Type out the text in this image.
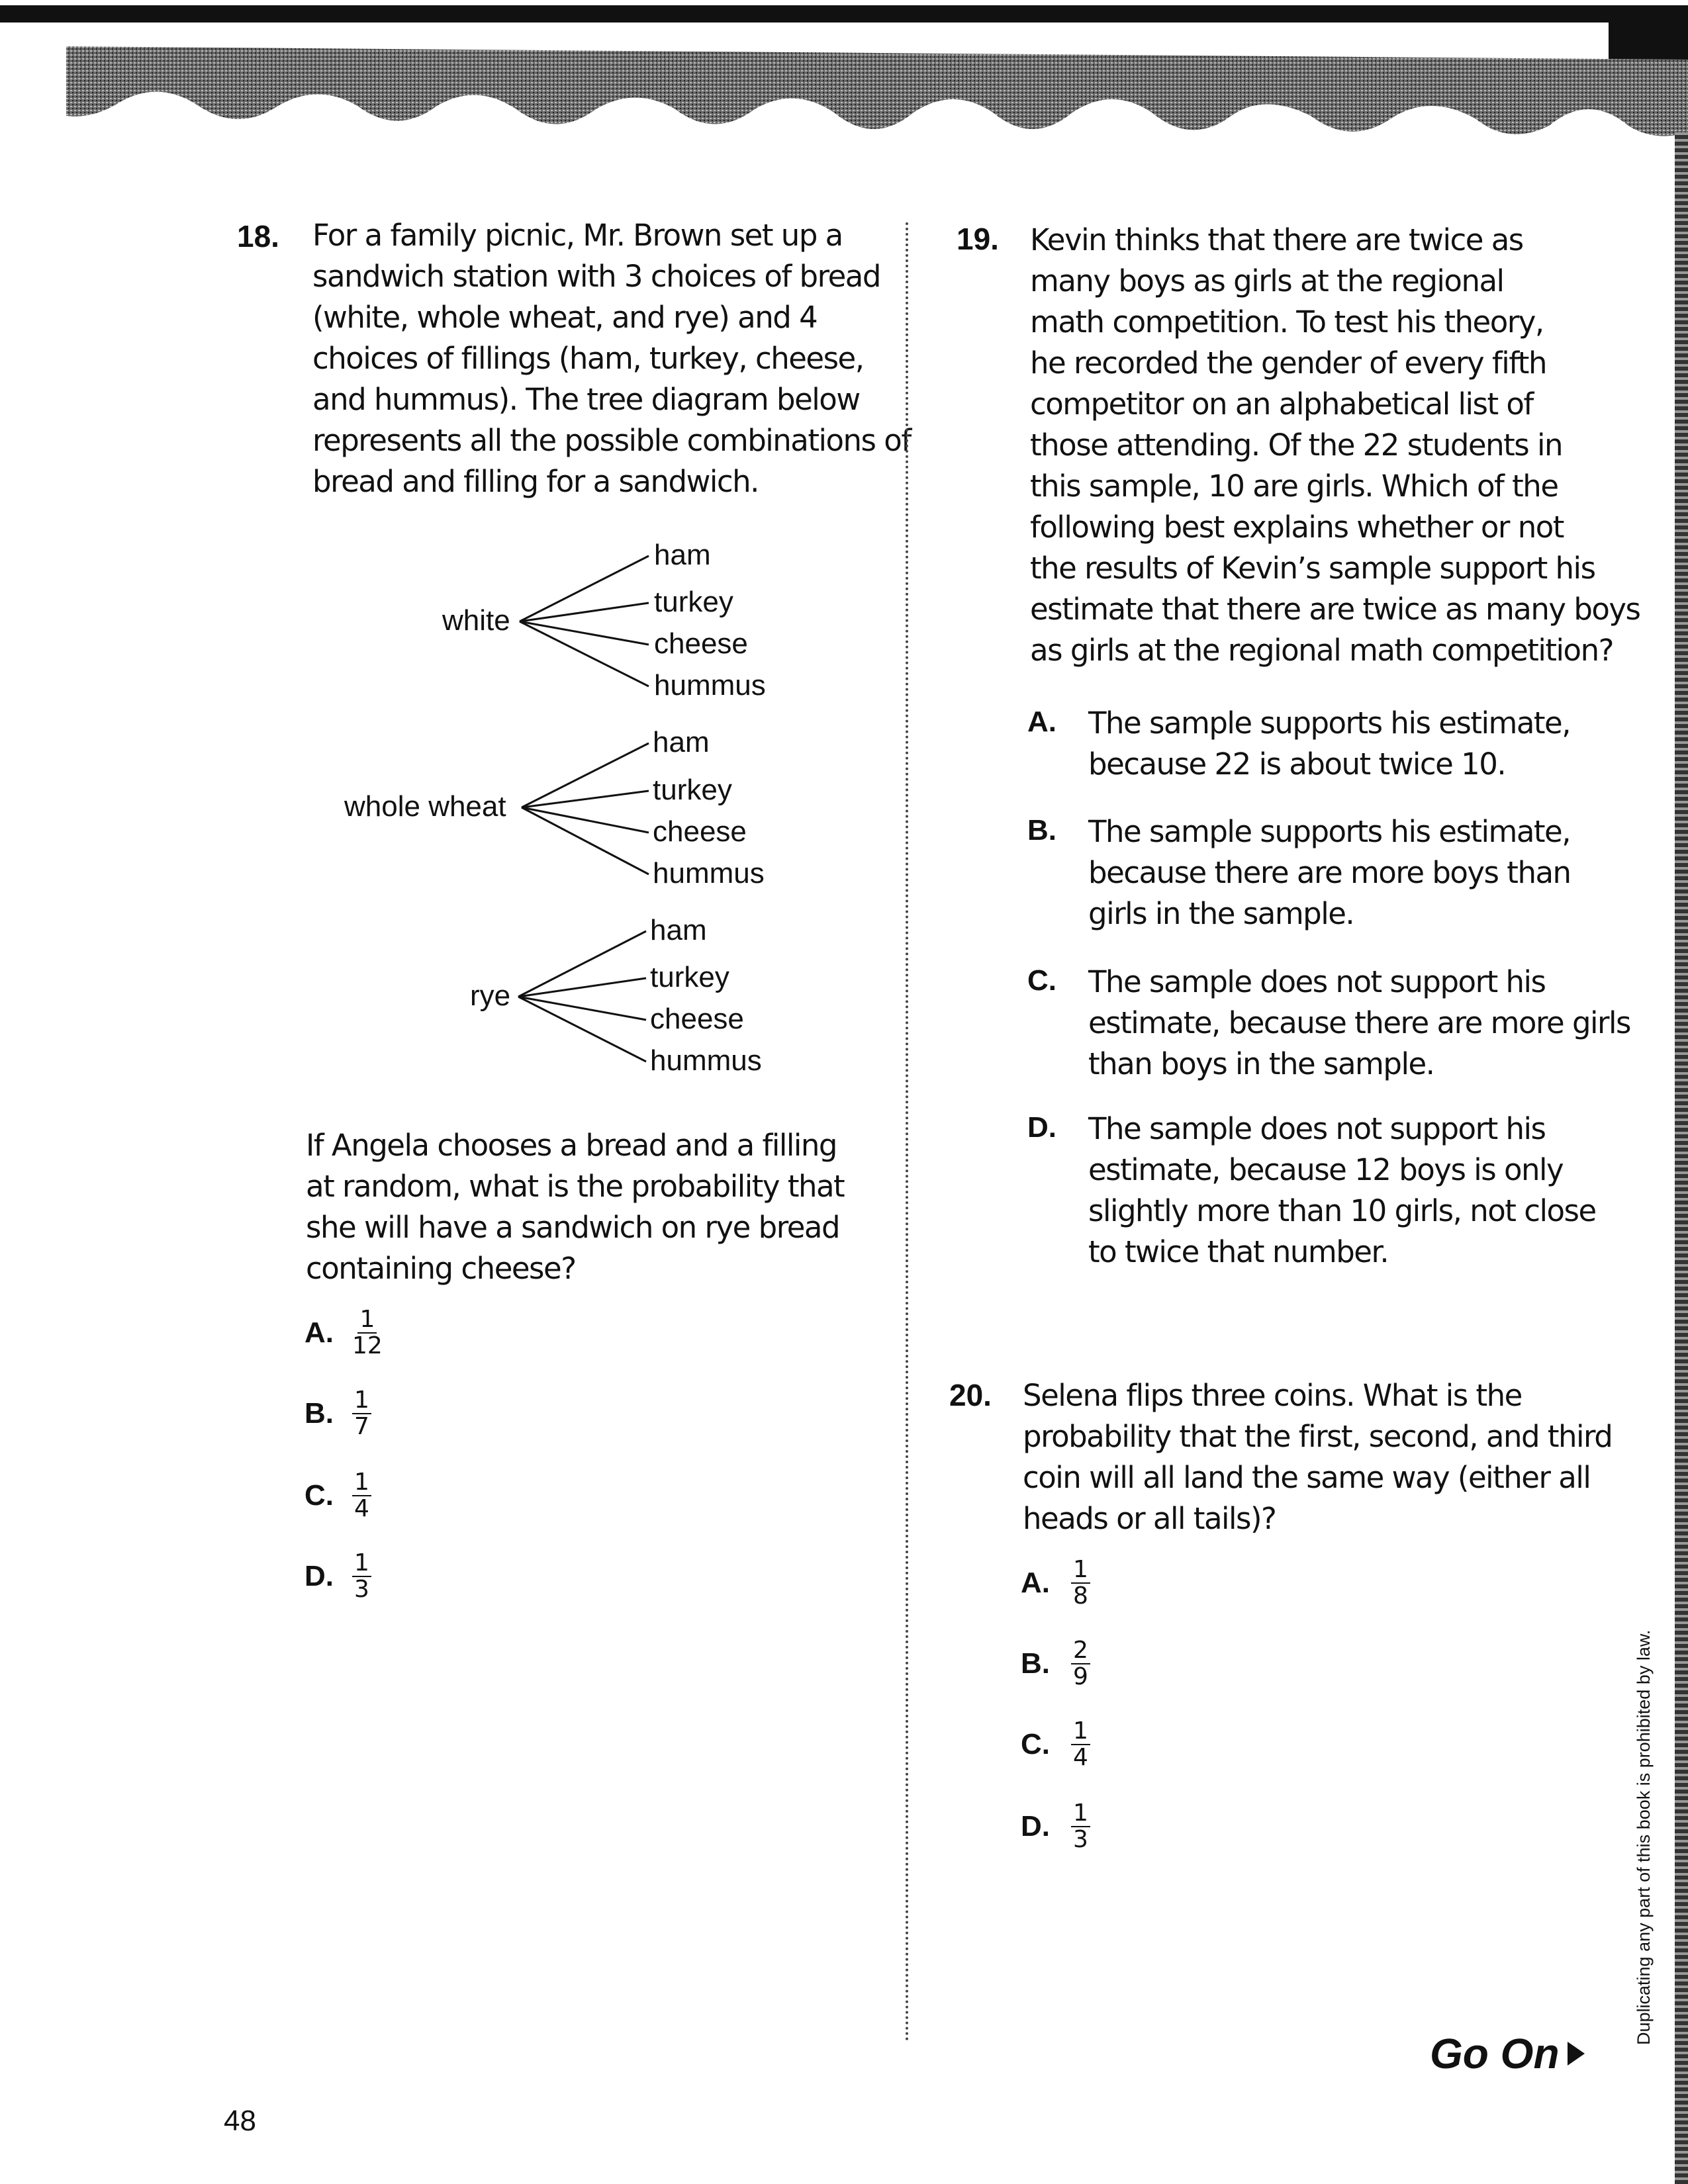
18. For a family picnic, Mr. Brown set up a
sandwich station with 3 choices of bread
(white, whole wheat, and rye) and 4
choices of fillings (ham, turkey, cheese,
and hummus). The tree diagram below
represents all the possible combinations of
bread and filling for a sandwich.
white
ham
turkey
cheese
hummus
whole wheat
ham
turkey
cheese
hummus
rye
ham
turkey
cheese
hummus
If Angela chooses a bread and a filling
at random, what is the probability that
she will have a sandwich on rye bread
containing cheese?
A. $\frac{1}{12}$
B. $\frac{1}{7}$
C. $\frac{1}{4}$
D. $\frac{1}{3}$
19. Kevin thinks that there are twice as
many boys as girls at the regional
math competition. To test his theory,
he recorded the gender of every fifth
competitor on an alphabetical list of
those attending. Of the 22 students in
this sample, 10 are girls. Which of the
following best explains whether or not
the results of Kevin’s sample support his
estimate that there are twice as many boys
as girls at the regional math competition?
A. The sample supports his estimate,
because 22 is about twice 10.
B. The sample supports his estimate,
because there are more boys than
girls in the sample.
C. The sample does not support his
estimate, because there are more girls
than boys in the sample.
D. The sample does not support his
estimate, because 12 boys is only
slightly more than 10 girls, not close
to twice that number.
20. Selena flips three coins. What is the
probability that the first, second, and third
coin will all land the same way (either all
heads or all tails)?
A. $\frac{1}{8}$
B. $\frac{2}{9}$
C. $\frac{1}{4}$
D. $\frac{1}{3}$
Go On
48
Duplicating any part of this book is prohibited by law.
